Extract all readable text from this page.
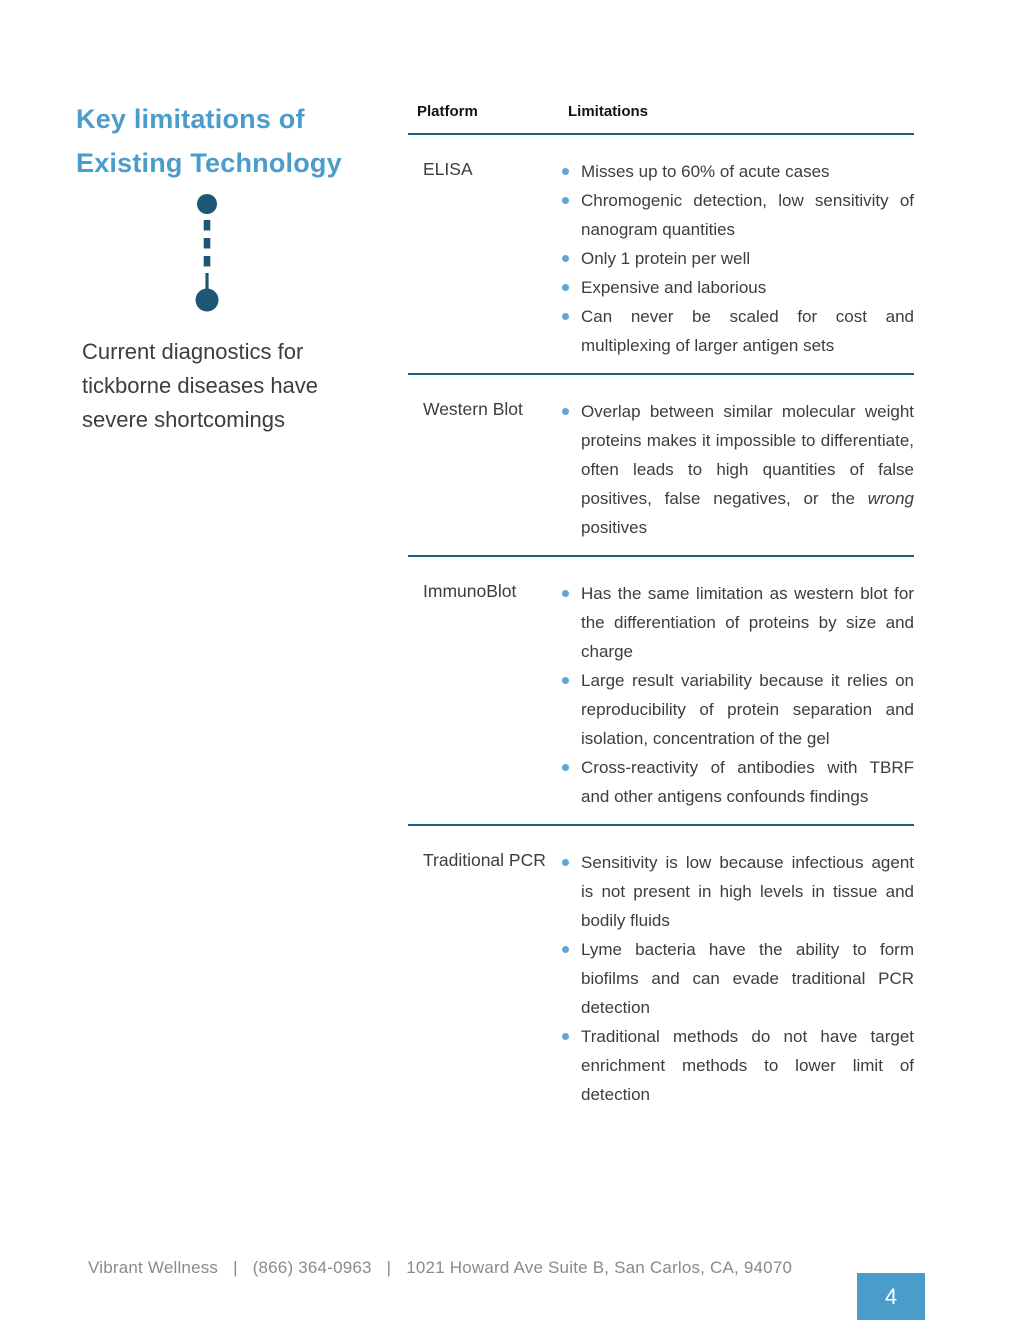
Key limitations of
Existing Technology

Current diagnostics for tickborne diseases have severe shortcomings

Platform	Limitations
ELISA	Misses up to 60% of acute cases
Chromogenic detection, low sensitivity of nanogram quantities
Only 1 protein per well
Expensive and laborious
Can never be scaled for cost and multiplexing of larger antigen sets
Western Blot	Overlap between similar molecular weight proteins makes it impossible to differentiate, often leads to high quantities of false positives, false negatives, or the wrong positives
ImmunoBlot	Has the same limitation as western blot for the differentiation of proteins by size and charge
Large result variability because it relies on reproducibility of protein separation and isolation, concentration of the gel
Cross-reactivity of antibodies with TBRF and other antigens confounds findings
Traditional PCR	Sensitivity is low because infectious agent is not present in high levels in tissue and bodily fluids
Lyme bacteria have the ability to form biofilms and can evade traditional PCR detection
Traditional methods do not have target enrichment methods to lower limit of detection
Vibrant Wellness | (866) 364-0963 | 1021 Howard Ave Suite B, San Carlos, CA, 94070
4
